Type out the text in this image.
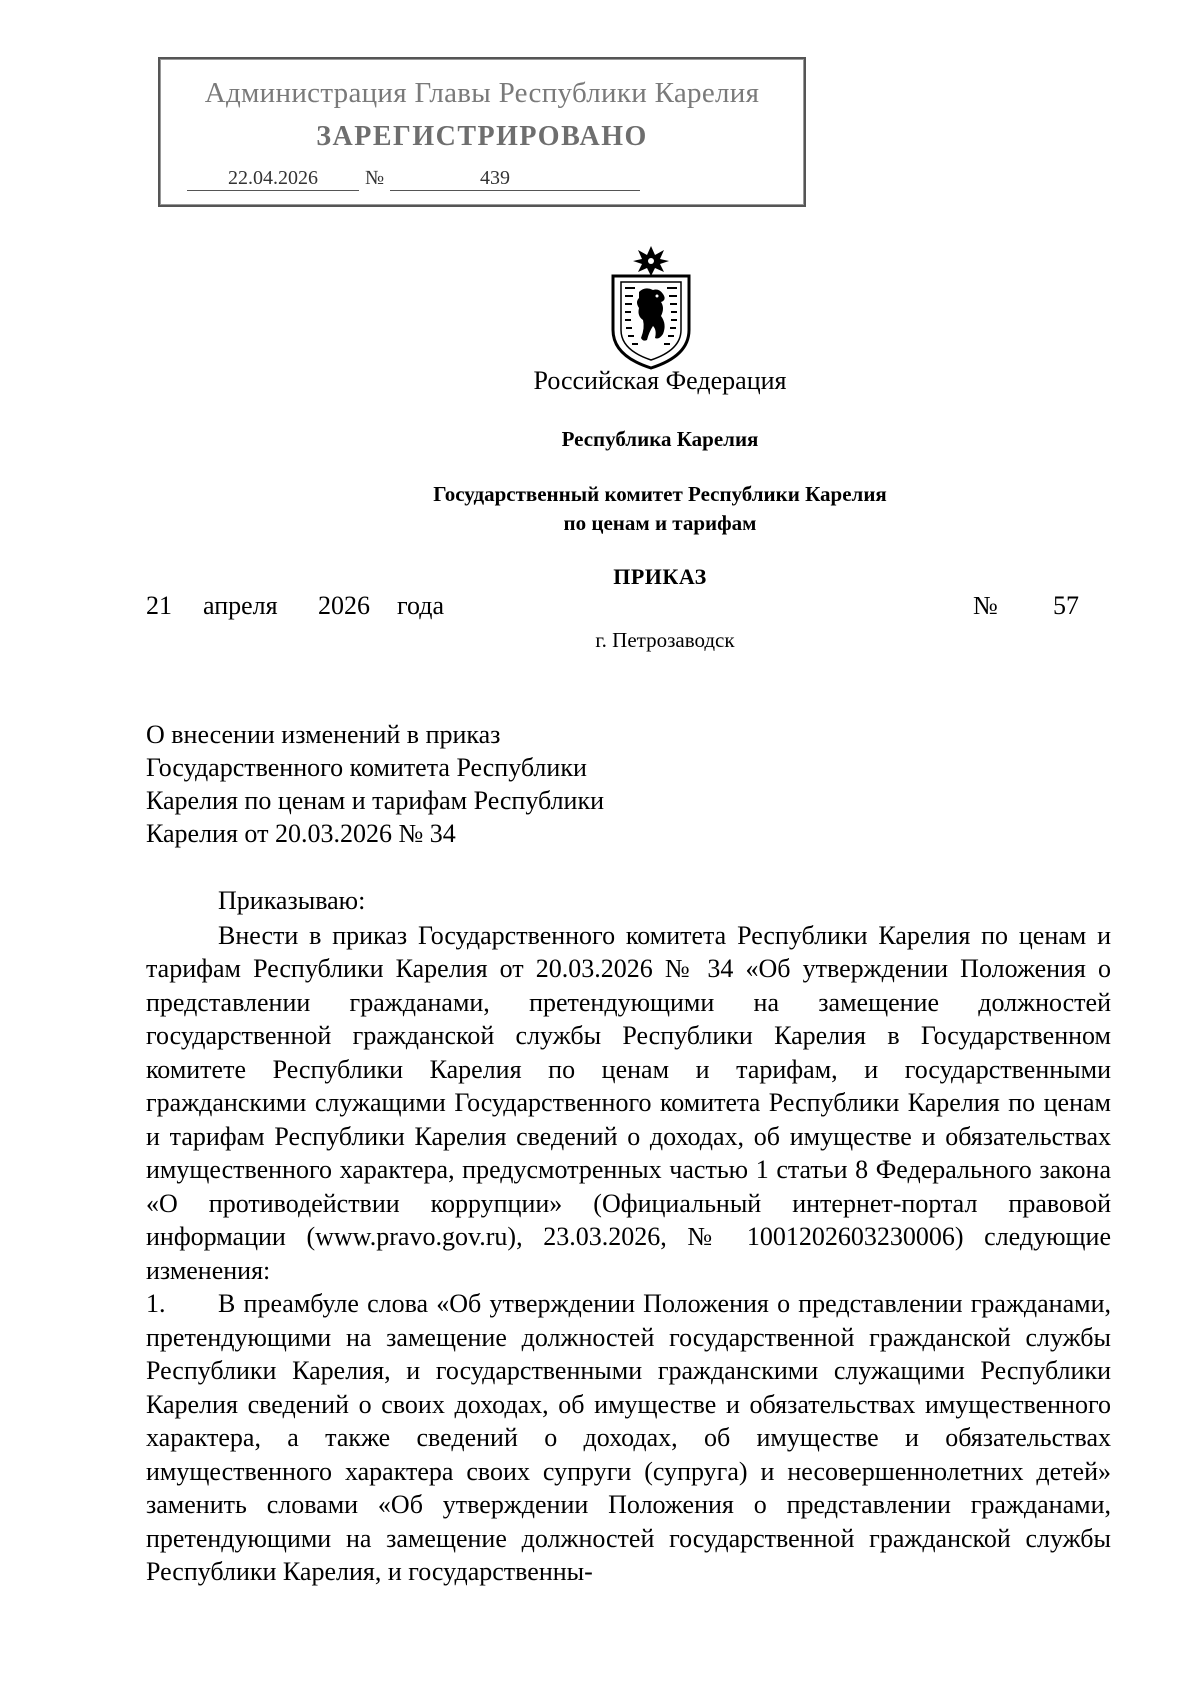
Администрация Главы Республики Карелия
ЗАРЕГИСТРИРОВАНО
22.04.2026	№	439
Российская Федерация
Республика Карелия
Государственный комитет Республики Карелия
по ценам и тарифам
ПРИКАЗ
21 апреля 2026 года	№ 57
г. Петрозаводск
О внесении изменений в приказ
Государственного комитета Республики
Карелия по ценам и тарифам Республики
Карелия от 20.03.2026 № 34
Приказываю:

Внести в приказ Государственного комитета Республики Карелия по ценам и тарифам Республики Карелия от 20.03.2026 № 34 «Об утверждении Положения о представлении гражданами, претендующими на замещение должностей государственной гражданской службы Республики Карелия в Государственном комитете Республики Карелия по ценам и тарифам, и государственными гражданскими служащими Государственного комитета Республики Карелия по ценам и тарифам Республики Карелия сведений о доходах, об имуществе и обязательствах имущественного характера, предусмотренных частью 1 статьи 8 Федерального закона «О противодействии коррупции» (Официальный интернет-портал правовой информации (www.pravo.gov.ru), 23.03.2026, № 1001202603230006) следующие изменения:

1. В преамбуле слова «Об утверждении Положения о представлении гражданами, претендующими на замещение должностей государственной гражданской службы Республики Карелия, и государственными гражданскими служащими Республики Карелия сведений о своих доходах, об имуществе и обязательствах имущественного характера, а также сведений о доходах, об имуществе и обязательствах имущественного характера своих супруги (супруга) и несовершеннолетних детей» заменить словами «Об утверждении Положения о представлении гражданами, претендующими на замещение должностей государственной гражданской службы Республики Карелия, и государственны-
